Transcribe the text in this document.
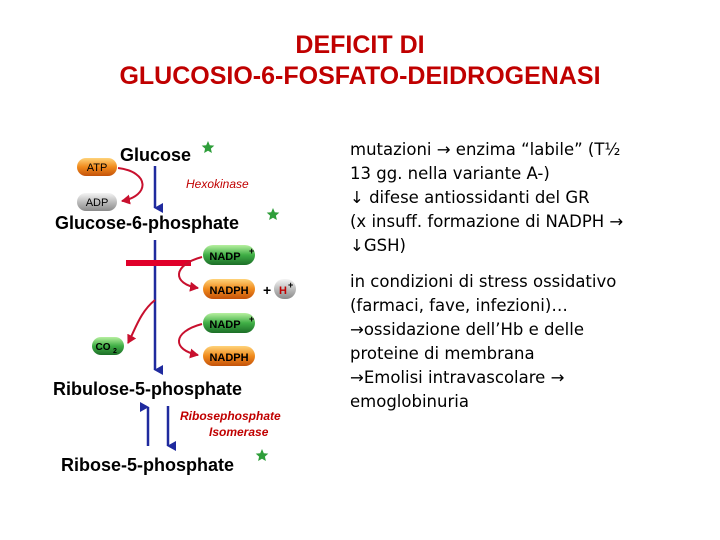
DEFICIT DI
GLUCOSIO-6-FOSFATO-DEIDROGENASI
Glucose
ATP
ADP
Hexokinase
Glucose-6-phosphate
NADP +
NADPH + H +
NADP +
CO 2
NADPH
Ribulose-5-phosphate
Ribosephosphate
Isomerase
Ribose-5-phosphate
mutazioni → enzima “labile” (T½
13 gg. nella variante A-)
↓ difese antiossidanti del GR
(x insuff. formazione di NADPH →
↓GSH)
in condizioni di stress ossidativo
(farmaci, fave, infezioni)…
→ossidazione dell’Hb e delle
proteine di membrana
→Emolisi intravascolare →
emoglobinuria
